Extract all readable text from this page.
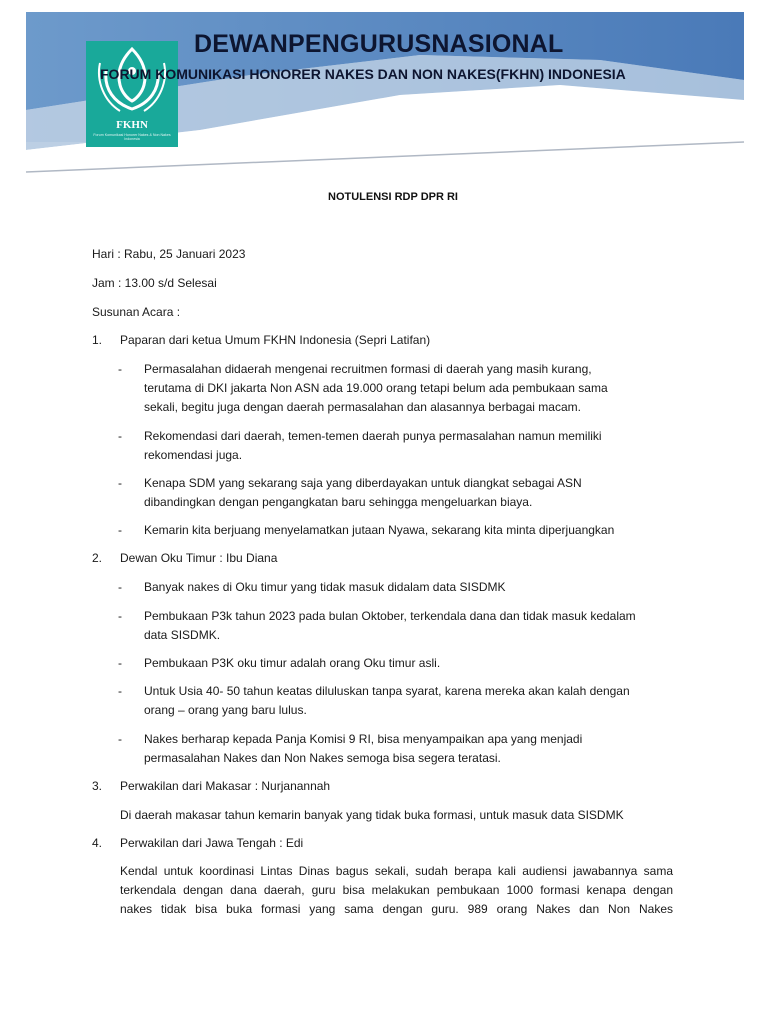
FKHN
Forum Komunikasi Honorer Nakes & Non Nakes Indonesia
DEWANPENGURUSNASIONAL
FORUM KOMUNIKASI HONORER NAKES DAN NON NAKES(FKHN) INDONESIA
NOTULENSI RDP DPR RI
Hari : Rabu, 25 Januari 2023
Jam : 13.00 s/d Selesai
Susunan Acara :
1. Paparan dari ketua Umum FKHN Indonesia (Sepri Latifan)
- Permasalahan didaerah mengenai recruitmen formasi di daerah yang masih kurang,
terutama di DKI jakarta Non ASN ada 19.000 orang tetapi belum ada pembukaan sama
sekali, begitu juga dengan daerah permasalahan dan alasannya berbagai macam.
- Rekomendasi dari daerah, temen-temen daerah punya permasalahan namun memiliki
rekomendasi juga.
- Kenapa SDM yang sekarang saja yang diberdayakan untuk diangkat sebagai ASN
dibandingkan dengan pengangkatan baru sehingga mengeluarkan biaya.
- Kemarin kita berjuang menyelamatkan jutaan Nyawa, sekarang kita minta diperjuangkan
2. Dewan Oku Timur : Ibu Diana
- Banyak nakes di Oku timur yang tidak masuk didalam data SISDMK
- Pembukaan P3k tahun 2023 pada bulan Oktober, terkendala dana dan tidak masuk kedalam
data SISDMK.
- Pembukaan P3K oku timur adalah orang Oku timur asli.
- Untuk Usia 40- 50 tahun keatas diluluskan tanpa syarat, karena mereka akan kalah dengan
orang – orang yang baru lulus.
- Nakes berharap kepada Panja Komisi 9 RI, bisa menyampaikan apa yang menjadi
permasalahan Nakes dan Non Nakes semoga bisa segera teratasi.
3. Perwakilan dari Makasar : Nurjanannah
Di daerah makasar tahun kemarin banyak yang tidak buka formasi, untuk masuk data SISDMK
4. Perwakilan dari Jawa Tengah : Edi
Kendal untuk koordinasi Lintas Dinas bagus sekali, sudah berapa kali audiensi jawabannya sama
terkendala dengan dana daerah, guru bisa melakukan pembukaan 1000 formasi kenapa dengan
nakes tidak bisa buka formasi yang sama dengan guru. 989 orang Nakes dan Non Nakes
